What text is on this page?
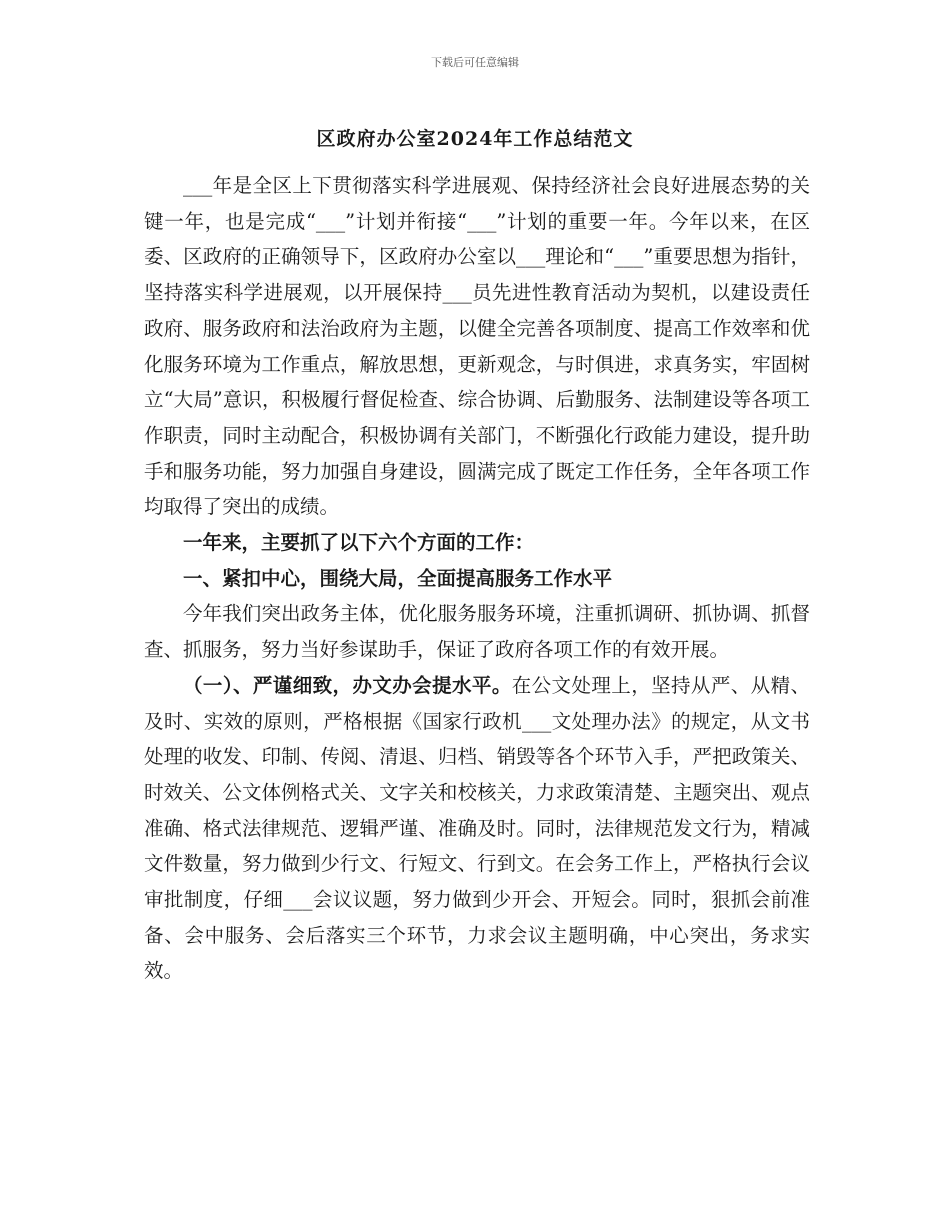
下载后可任意编辑
区政府办公室2024年工作总结范文

___年是全区上下贯彻落实科学进展观、保持经济社会良好进展态势的关键一年，也是完成“___”计划并衔接“___”计划的重要一年。今年以来，在区委、区政府的正确领导下，区政府办公室以___理论和“___”重要思想为指针，坚持落实科学进展观，以开展保持___员先进性教育活动为契机，以建设责任政府、服务政府和法治政府为主题，以健全完善各项制度、提高工作效率和优化服务环境为工作重点，解放思想，更新观念，与时俱进，求真务实，牢固树立“大局”意识，积极履行督促检查、综合协调、后勤服务、法制建设等各项工作职责，同时主动配合，积极协调有关部门，不断强化行政能力建设，提升助手和服务功能，努力加强自身建设，圆满完成了既定工作任务，全年各项工作均取得了突出的成绩。

一年来，主要抓了以下六个方面的工作：

一、紧扣中心，围绕大局，全面提高服务工作水平

今年我们突出政务主体，优化服务服务环境，注重抓调研、抓协调、抓督查、抓服务，努力当好参谋助手，保证了政府各项工作的有效开展。

（一）、严谨细致，办文办会提水平。在公文处理上，坚持从严、从精、及时、实效的原则，严格根据《国家行政机___文处理办法》的规定，从文书处理的收发、印制、传阅、清退、归档、销毁等各个环节入手，严把政策关、时效关、公文体例格式关、文字关和校核关，力求政策清楚、主题突出、观点准确、格式法律规范、逻辑严谨、准确及时。同时，法律规范发文行为，精减文件数量，努力做到少行文、行短文、行到文。在会务工作上，严格执行会议审批制度，仔细___会议议题，努力做到少开会、开短会。同时，狠抓会前准备、会中服务、会后落实三个环节，力求会议主题明确，中心突出，务求实效。
